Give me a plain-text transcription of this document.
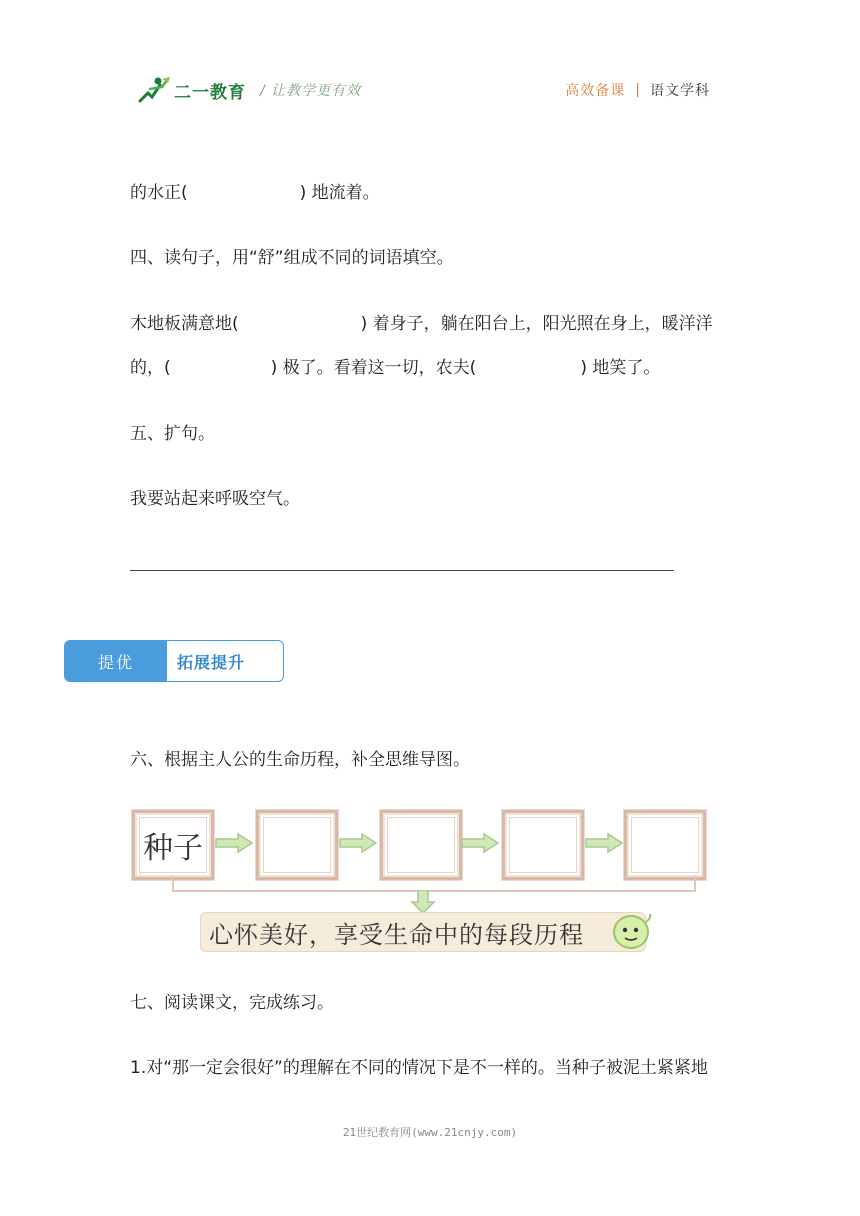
二一教育 / 让教学更有效	高效备课 | 语文学科
的水正(	) 地流着。
四、读句子，用“舒”组成不同的词语填空。
木地板满意地(	) 着身子，躺在阳台上，阳光照在身上，暖洋洋
的，(	) 极了。看着这一切，农夫(	) 地笑了。
五、扩句。
我要站起来呼吸空气。
提优	拓展提升
六、根据主人公的生命历程，补全思维导图。
种子
心怀美好，享受生命中的每段历程
七、阅读课文，完成练习。
1.对“那一定会很好”的理解在不同的情况下是不一样的。当种子被泥土紧紧地
21世纪教育网(www.21cnjy.com)
